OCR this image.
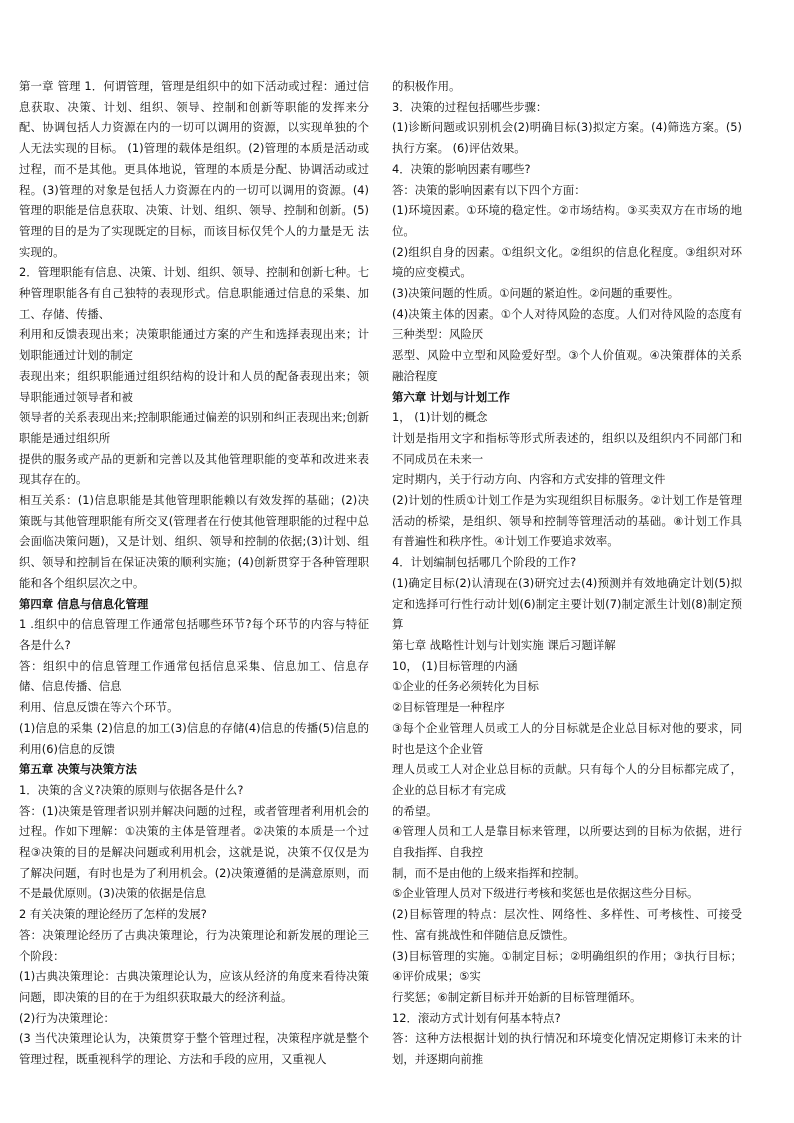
第一章 管理 1．何谓管理，管理是组织中的如下活动或过程：通过信息获取、决策、计划、组织、领导、控制和创新等职能的发挥来分配、协调包括人力资源在内的一切可以调用的资源，以实现单独的个人无法实现的目标。 (1)管理的载体是组织。(2)管理的本质是活动或过程，而不是其他。更具体地说，管理的本质是分配、协调活动或过程。(3)管理的对象是包括人力资源在内的一切可以调用的资源。(4)管理的职能是信息获取、决策、计划、组织、领导、控制和创新。(5)管理的目的是为了实现既定的目标，而该目标仅凭个人的力量是无 法实现的。

2．管理职能有信息、决策、计划、组织、领导、控制和创新七种。七种管理职能各有自己独特的表现形式。信息职能通过信息的采集、加工、存储、传播、

利用和反馈表现出来；决策职能通过方案的产生和选择表现出来；计划职能通过计划的制定

表现出来；组织职能通过组织结构的设计和人员的配备表现出来；领导职能通过领导者和被

领导者的关系表现出来;控制职能通过偏差的识别和纠正表现出来;创新职能是通过组织所

提供的服务或产品的更新和完善以及其他管理职能的变革和改进来表现其存在的。

相互关系：(1)信息职能是其他管理职能赖以有效发挥的基础；(2)决策既与其他管理职能有所交叉(管理者在行使其他管理职能的过程中总会面临决策问题)，又是计划、组织、领导和控制的依据;(3)计划、组织、领导和控制旨在保证决策的顺利实施；(4)创新贯穿于各种管理职能和各个组织层次之中。

第四章 信息与信息化管理

1 .组织中的信息管理工作通常包括哪些环节?每个环节的内容与特征各是什么?

答：组织中的信息管理工作通常包括信息采集、信息加工、信息存储、信息传播、信息

利用、信息反馈在等六个环节。

(1)信息的采集 (2)信息的加工(3)信息的存储(4)信息的传播(5)信息的利用(6)信息的反馈

第五章 决策与决策方法

1．决策的含义?决策的原则与依据各是什么?

答：(1)决策是管理者识别并解决问题的过程，或者管理者利用机会的过程。作如下理解：①决策的主体是管理者。②决策的本质是一个过程③决策的目的是解决问题或利用机会，这就是说，决策不仅仅是为了解决问题，有时也是为了利用机会。(2)决策遵循的是满意原则，而不是最优原则。(3)决策的依据是信息

2 有关决策的理论经历了怎样的发展?

答：决策理论经历了古典决策理论，行为决策理论和新发展的理论三个阶段：

(1)古典决策理论：古典决策理论认为，应该从经济的角度来看待决策问题，即决策的目的在于为组织获取最大的经济利益。

(2)行为决策理论：

(3 当代决策理论认为，决策贯穿于整个管理过程，决策程序就是整个管理过程，既重视科学的理论、方法和手段的应用，又重视人

的积极作用。

3．决策的过程包括哪些步骤：

(1)诊断问题或识别机会(2)明确目标(3)拟定方案。(4)筛选方案。(5)执行方案。 (6)评估效果。

4．决策的影响因素有哪些?

答：决策的影响因素有以下四个方面：

(1)环境因素。①环境的稳定性。②市场结构。③买卖双方在市场的地位。

(2)组织自身的因素。①组织文化。②组织的信息化程度。③组织对环境的应变模式。

(3)决策问题的性质。①问题的紧迫性。②问题的重要性。

(4)决策主体的因素。①个人对待风险的态度。人们对待风险的态度有三种类型：风险厌

恶型、风险中立型和风险爱好型。③个人价值观。④决策群体的关系融洽程度

第六章 计划与计划工作

1， (1)计划的概念

计划是指用文字和指标等形式所表述的，组织以及组织内不同部门和不同成员在未来一

定时期内，关于行动方向、内容和方式安排的管理文件

(2)计划的性质①计划工作是为实现组织目标服务。②计划工作是管理活动的桥梁，是组织、领导和控制等管理活动的基础。⑧计划工作具有普遍性和秩序性。④计划工作要追求效率。

4．计划编制包括哪几个阶段的工作?

(1)确定目标(2)认清现在(3)研究过去(4)预测并有效地确定计划(5)拟定和选择可行性行动计划(6)制定主要计划(7)制定派生计划(8)制定预算

第七章 战略性计划与计划实施 课后习题详解

10， (1)目标管理的内涵

①企业的任务必须转化为目标

②目标管理是一种程序

③每个企业管理人员或工人的分目标就是企业总目标对他的要求，同时也是这个企业管

理人员或工人对企业总目标的贡献。只有每个人的分目标都完成了，企业的总目标才有完成

的希望。

④管理人员和工人是靠目标来管理，以所要达到的目标为依据，进行自我指挥、自我控

制，而不是由他的上级来指挥和控制。

⑤企业管理人员对下级进行考核和奖惩也是依据这些分目标。

(2)目标管理的特点：层次性、网络性、多样性、可考核性、可接受性、富有挑战性和伴随信息反馈性。

(3)目标管理的实施。①制定目标；②明确组织的作用；③执行目标；④评价成果；⑤实

行奖惩；⑥制定新目标并开始新的目标管理循环。

12．滚动方式计划有何基本特点?

答：这种方法根据计划的执行情况和环境变化情况定期修订未来的计划，并逐期向前推
